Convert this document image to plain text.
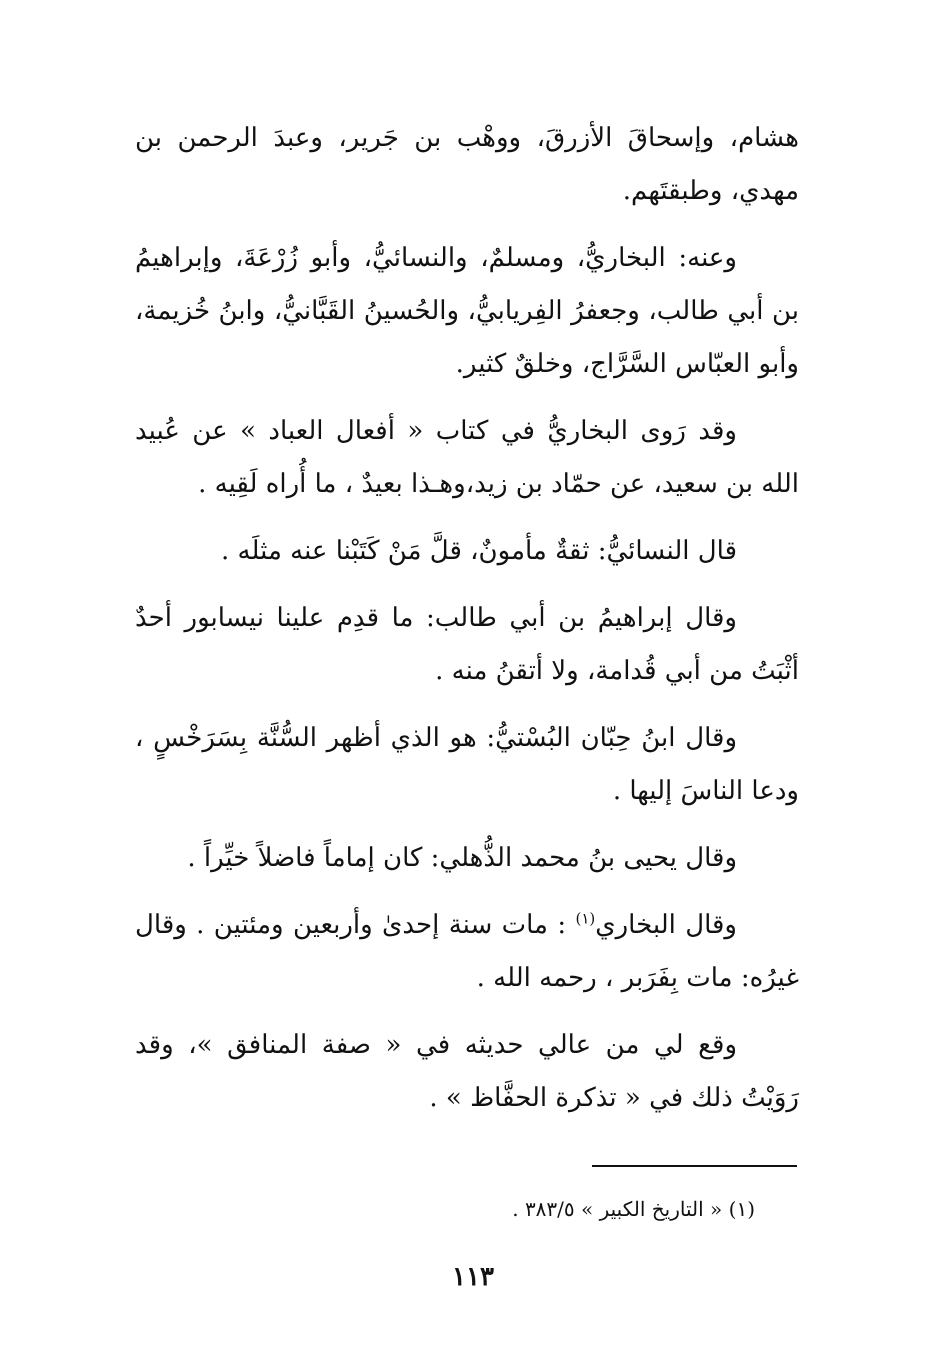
هشام، وإسحاقَ الأزرقَ، ووهْب بن جَرير، وعبدَ الرحمن بن مهدي، وطبقتَهم.

وعنه: البخاريُّ، ومسلمٌ، والنسائيُّ، وأبو زُرْعَةَ، وإبراهيمُ بن أبي طالب، وجعفرُ الفِريابيُّ، والحُسينُ القَبَّانيُّ، وابنُ خُزيمة، وأبو العبّاس السَّرَّاج، وخلقٌ كثير.

وقد رَوى البخاريُّ في كتاب « أفعال العباد » عن عُبيد الله بن سعيد، عن حمّاد بن زيد،وهـذا بعيدٌ ، ما أُراه لَقِيه .

قال النسائيُّ: ثقةٌ مأمونٌ، قلَّ مَنْ كَتَبْنا عنه مثلَه .

وقال إبراهيمُ بن أبي طالب: ما قدِم علينا نيسابور أحدٌ أثْبَتُ من أبي قُدامة، ولا أتقنُ منه .

وقال ابنُ حِبّان البُسْتيُّ: هو الذي أظهر السُّنَّة بِسَرَخْسٍ ، ودعا الناسَ إليها .

وقال يحيى بنُ محمد الذُّهلي: كان إماماً فاضلاً خيِّراً .

وقال البخاري$^{(١)}$ : مات سنة إحدىٰ وأربعين ومئتين . وقال غيرُه: مات بِفَرَبر ، رحمه الله .

وقع لي من عالي حديثه في « صفة المنافق »، وقد رَوَيْتُ ذلك في « تذكرة الحفَّاظ » .

(١) « التاريخ الكبير » ٣٨٣/٥ .
١١٣
